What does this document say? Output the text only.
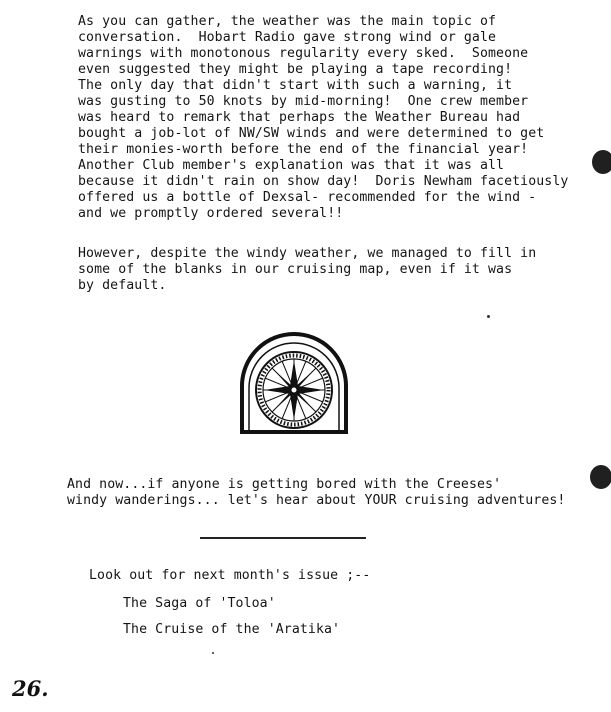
As you can gather, the weather was the main topic of
conversation.  Hobart Radio gave strong wind or gale
warnings with monotonous regularity every sked.  Someone
even suggested they might be playing a tape recording!
The only day that didn't start with such a warning, it
was gusting to 50 knots by mid-morning!  One crew member
was heard to remark that perhaps the Weather Bureau had
bought a job-lot of NW/SW winds and were determined to get
their monies-worth before the end of the financial year!
Another Club member's explanation was that it was all
because it didn't rain on show day!  Doris Newham facetiously
offered us a bottle of Dexsal- recommended for the wind -
and we promptly ordered several!!
However, despite the windy weather, we managed to fill in
some of the blanks in our cruising map, even if it was
by default.
And now...if anyone is getting bored with the Creeses'
windy wanderings... let's hear about YOUR cruising adventures!
Look out for next month's issue ;--
The Saga of 'Toloa'
The Cruise of the 'Aratika'
26.
